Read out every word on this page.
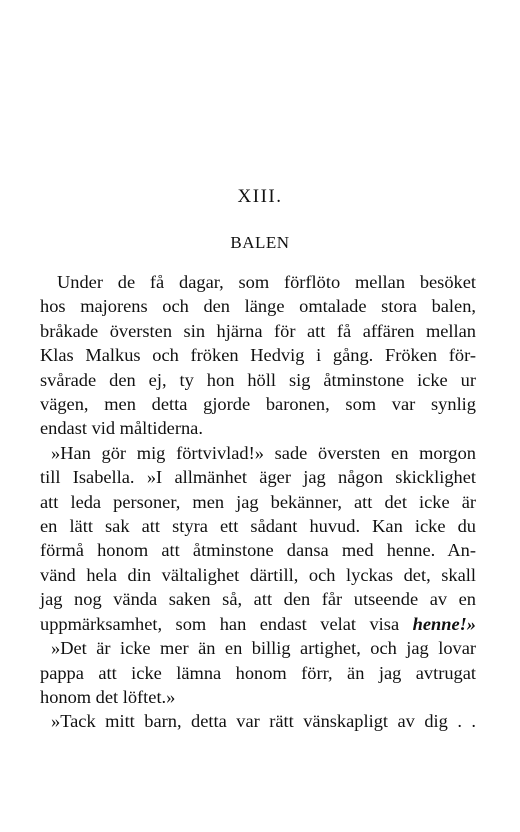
XIII.
BALEN
Under de få dagar, som förflöto mellan besöket
hos majorens och den länge omtalade stora balen,
bråkade översten sin hjärna för att få affären mellan
Klas Malkus och fröken Hedvig i gång. Fröken för-
svårade den ej, ty hon höll sig åtminstone icke ur
vägen, men detta gjorde baronen, som var synlig
endast vid måltiderna.
»Han gör mig förtvivlad!» sade översten en morgon
till Isabella. »I allmänhet äger jag någon skicklighet
att leda personer, men jag bekänner, att det icke är
en lätt sak att styra ett sådant huvud. Kan icke du
förmå honom att åtminstone dansa med henne. An-
vänd hela din vältalighet därtill, och lyckas det, skall
jag nog vända saken så, att den får utseende av en
uppmärksamhet, som han endast velat visa henne!»
»Det är icke mer än en billig artighet, och jag lovar
pappa att icke lämna honom förr, än jag avtrugat
honom det löftet.»
»Tack mitt barn, detta var rätt vänskapligt av dig . .
